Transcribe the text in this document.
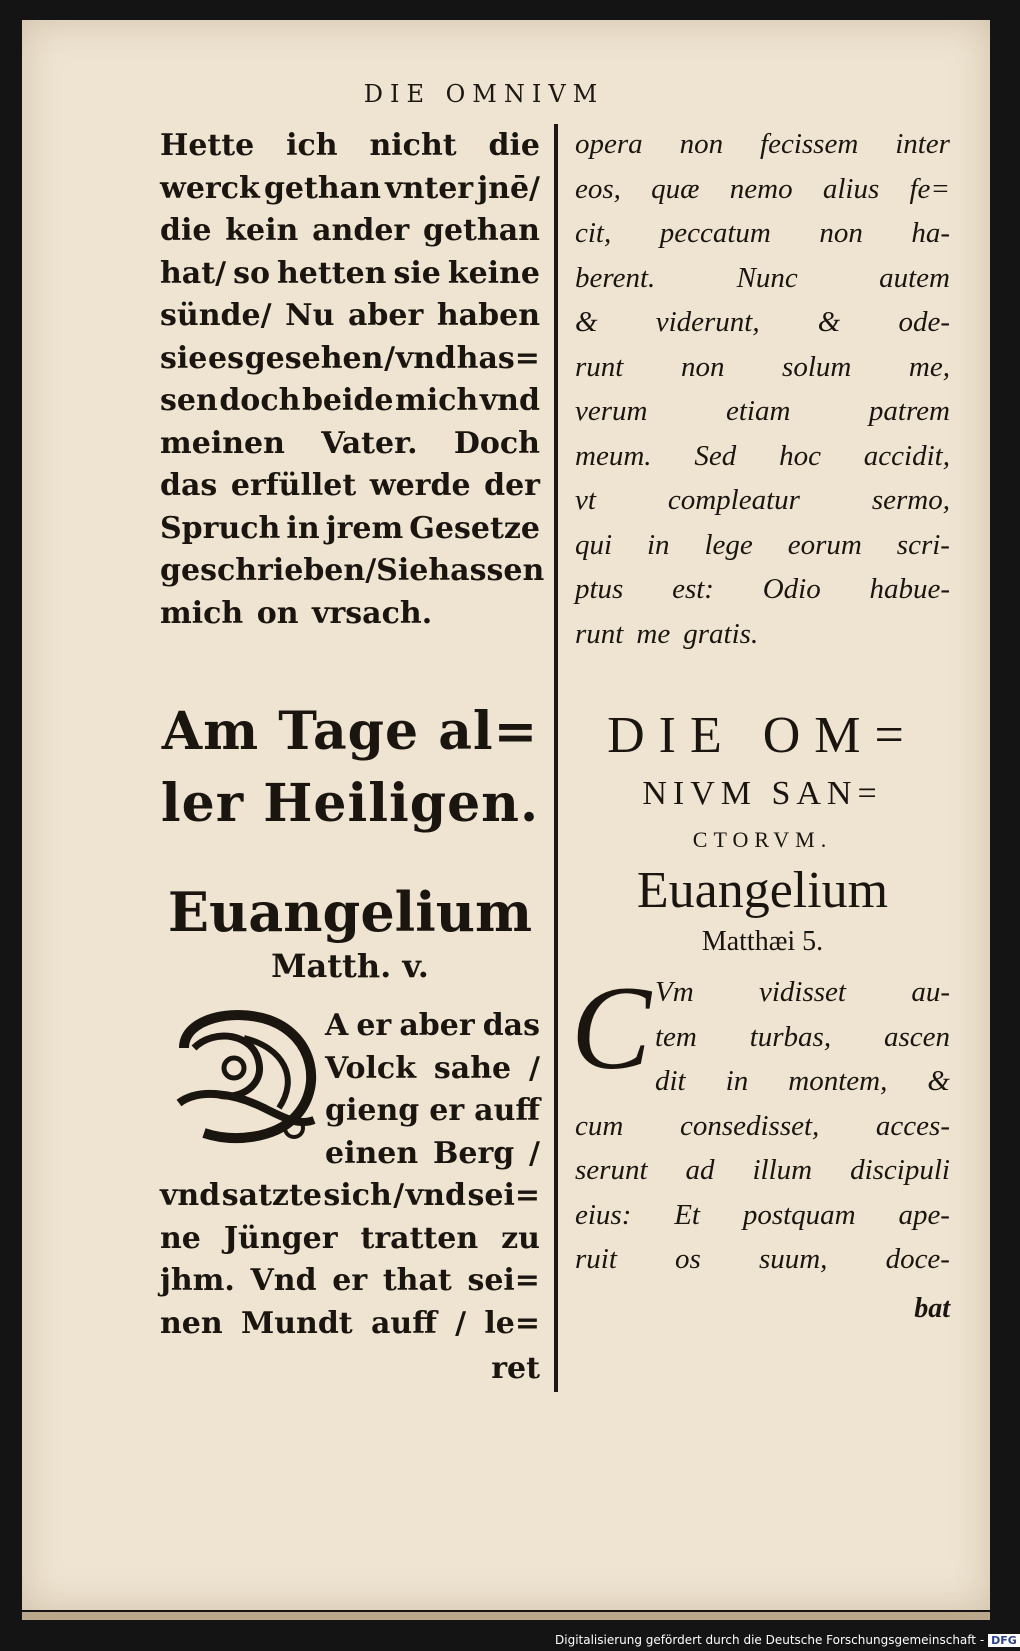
DIE OMNIVM
Hette ich nicht die
werck gethan vnter jnē/
die kein ander gethan
hat/ so hetten sie keine
sünde/ Nu aber haben
sie es gesehen / vnd has=
sen doch beide mich vnd
meinen Vater. Doch
das erfüllet werde der
Spruch in jrem Gesetze
geschrieben / Sie hassen
mich on vrsach.
Am Tage al=
ler Heiligen.
Euangelium
Matth. v.
A er aber das
Volck sahe /
gieng er auff
einen Berg /
vnd satzte sich / vnd sei=
ne Jünger tratten zu
jhm. Vnd er that sei=
nen Mundt auff / le=
ret
opera non fecissem inter
eos, quæ nemo alius fe=
cit, peccatum non ha-
berent.	Nunc	autem
& viderunt, & ode-
runt non solum me,
verum	etiam	patrem
meum. Sed hoc accidit,
vt compleatur sermo,
qui in lege eorum scri-
ptus est: Odio habue-
runt me gratis.
DIE OM=
NIVM SAN=
CTORVM.
Euangelium
Matthæi 5.
C Vm vidisset au-
tem turbas, ascen
dit in montem, &
cum consedisset, acces-
serunt ad illum discipuli
eius: Et postquam ape-
ruit os suum, doce-
bat
Digitalisierung gefördert durch die Deutsche Forschungsgemeinschaft - DFG
